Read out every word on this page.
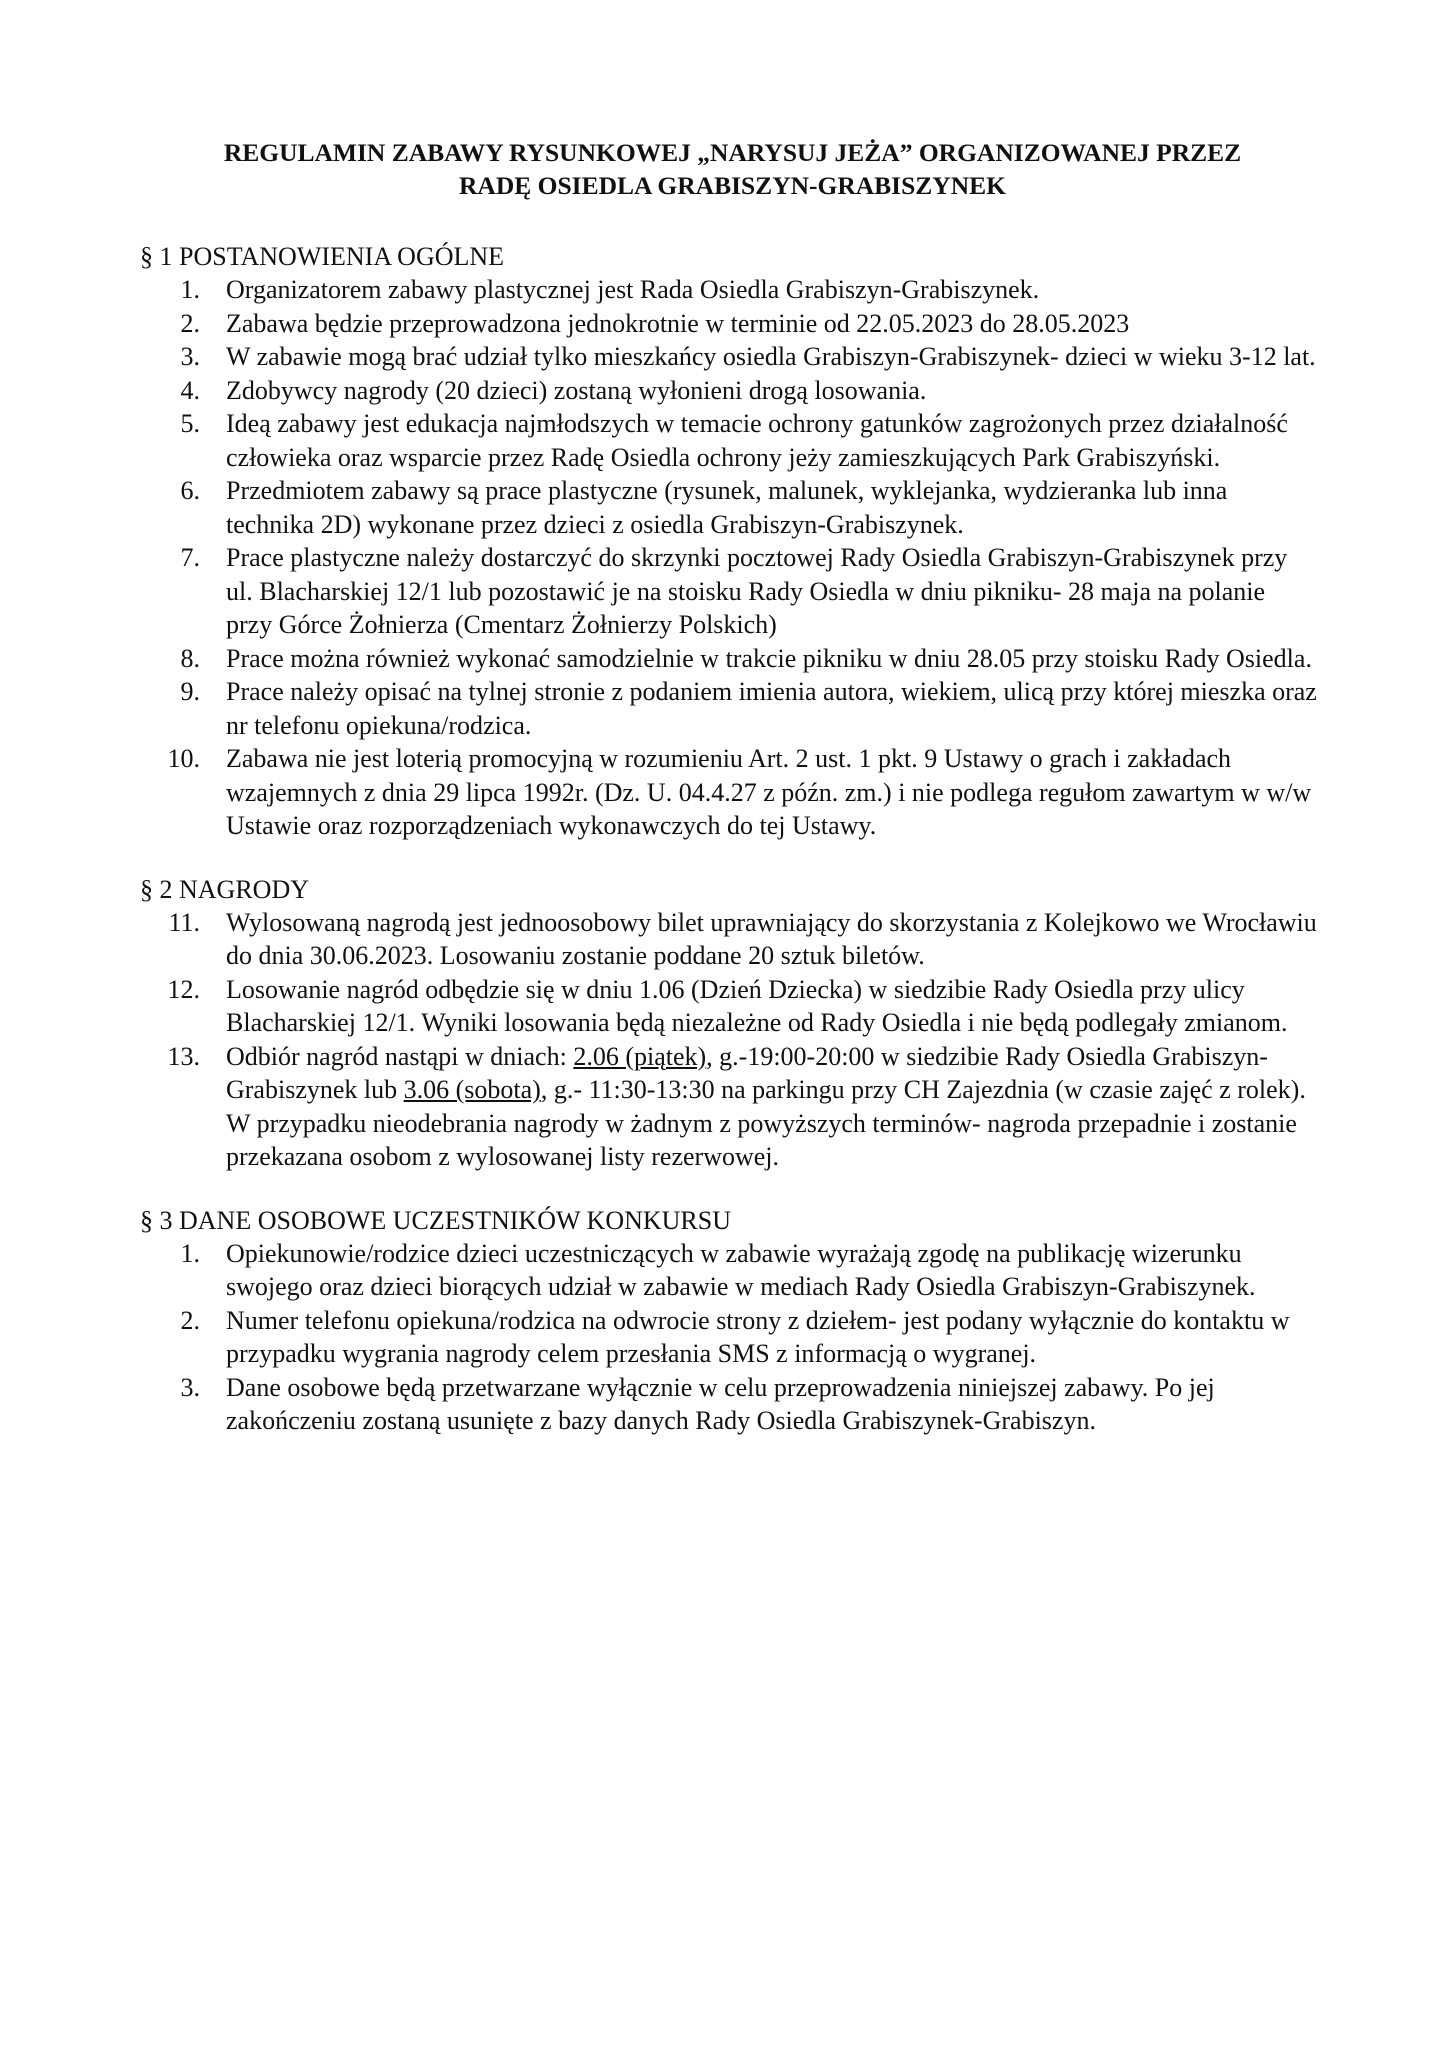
REGULAMIN ZABAWY RYSUNKOWEJ „NARYSUJ JEŻA” ORGANIZOWANEJ PRZEZ
RADĘ OSIEDLA GRABISZYN-GRABISZYNEK

§ 1 POSTANOWIENIA OGÓLNE

1. Organizatorem zabawy plastycznej jest Rada Osiedla Grabiszyn-Grabiszynek.
2. Zabawa będzie przeprowadzona jednokrotnie w terminie od 22.05.2023 do 28.05.2023
3. W zabawie mogą brać udział tylko mieszkańcy osiedla Grabiszyn-Grabiszynek- dzieci w wieku 3-12 lat.
4. Zdobywcy nagrody (20 dzieci) zostaną wyłonieni drogą losowania.
5. Ideą zabawy jest edukacja najmłodszych w temacie ochrony gatunków zagrożonych przez działalność człowieka oraz wsparcie przez Radę Osiedla ochrony jeży zamieszkujących Park Grabiszyński.
6. Przedmiotem zabawy są prace plastyczne (rysunek, malunek, wyklejanka, wydzieranka lub inna technika 2D) wykonane przez dzieci z osiedla Grabiszyn-Grabiszynek.
7. Prace plastyczne należy dostarczyć do skrzynki pocztowej Rady Osiedla Grabiszyn-Grabiszynek przy ul. Blacharskiej 12/1 lub pozostawić je na stoisku Rady Osiedla w dniu pikniku- 28 maja na polanie przy Górce Żołnierza (Cmentarz Żołnierzy Polskich)
8. Prace można również wykonać samodzielnie w trakcie pikniku w dniu 28.05 przy stoisku Rady Osiedla.
9. Prace należy opisać na tylnej stronie z podaniem imienia autora, wiekiem, ulicą przy której mieszka oraz nr telefonu opiekuna/rodzica.
10. Zabawa nie jest loterią promocyjną w rozumieniu Art. 2 ust. 1 pkt. 9 Ustawy o grach i zakładach wzajemnych z dnia 29 lipca 1992r. (Dz. U. 04.4.27 z późn. zm.) i nie podlega regułom zawartym w w/w Ustawie oraz rozporządzeniach wykonawczych do tej Ustawy.

§ 2 NAGRODY

11. Wylosowaną nagrodą jest jednoosobowy bilet uprawniający do skorzystania z Kolejkowo we Wrocławiu do dnia 30.06.2023. Losowaniu zostanie poddane 20 sztuk biletów.
12. Losowanie nagród odbędzie się w dniu 1.06 (Dzień Dziecka) w siedzibie Rady Osiedla przy ulicy Blacharskiej 12/1. Wyniki losowania będą niezależne od Rady Osiedla i nie będą podlegały zmianom.
13. Odbiór nagród nastąpi w dniach: 2.06 (piątek), g.-19:00-20:00 w siedzibie Rady Osiedla Grabiszyn-Grabiszynek lub 3.06 (sobota), g.- 11:30-13:30 na parkingu przy CH Zajezdnia (w czasie zajęć z rolek). W przypadku nieodebrania nagrody w żadnym z powyższych terminów- nagroda przepadnie i zostanie przekazana osobom z wylosowanej listy rezerwowej.

§ 3 DANE OSOBOWE UCZESTNIKÓW KONKURSU

1. Opiekunowie/rodzice dzieci uczestniczących w zabawie wyrażają zgodę na publikację wizerunku swojego oraz dzieci biorących udział w zabawie w mediach Rady Osiedla Grabiszyn-Grabiszynek.
2. Numer telefonu opiekuna/rodzica na odwrocie strony z dziełem- jest podany wyłącznie do kontaktu w przypadku wygrania nagrody celem przesłania SMS z informacją o wygranej.
3. Dane osobowe będą przetwarzane wyłącznie w celu przeprowadzenia niniejszej zabawy. Po jej zakończeniu zostaną usunięte z bazy danych Rady Osiedla Grabiszynek-Grabiszyn.
